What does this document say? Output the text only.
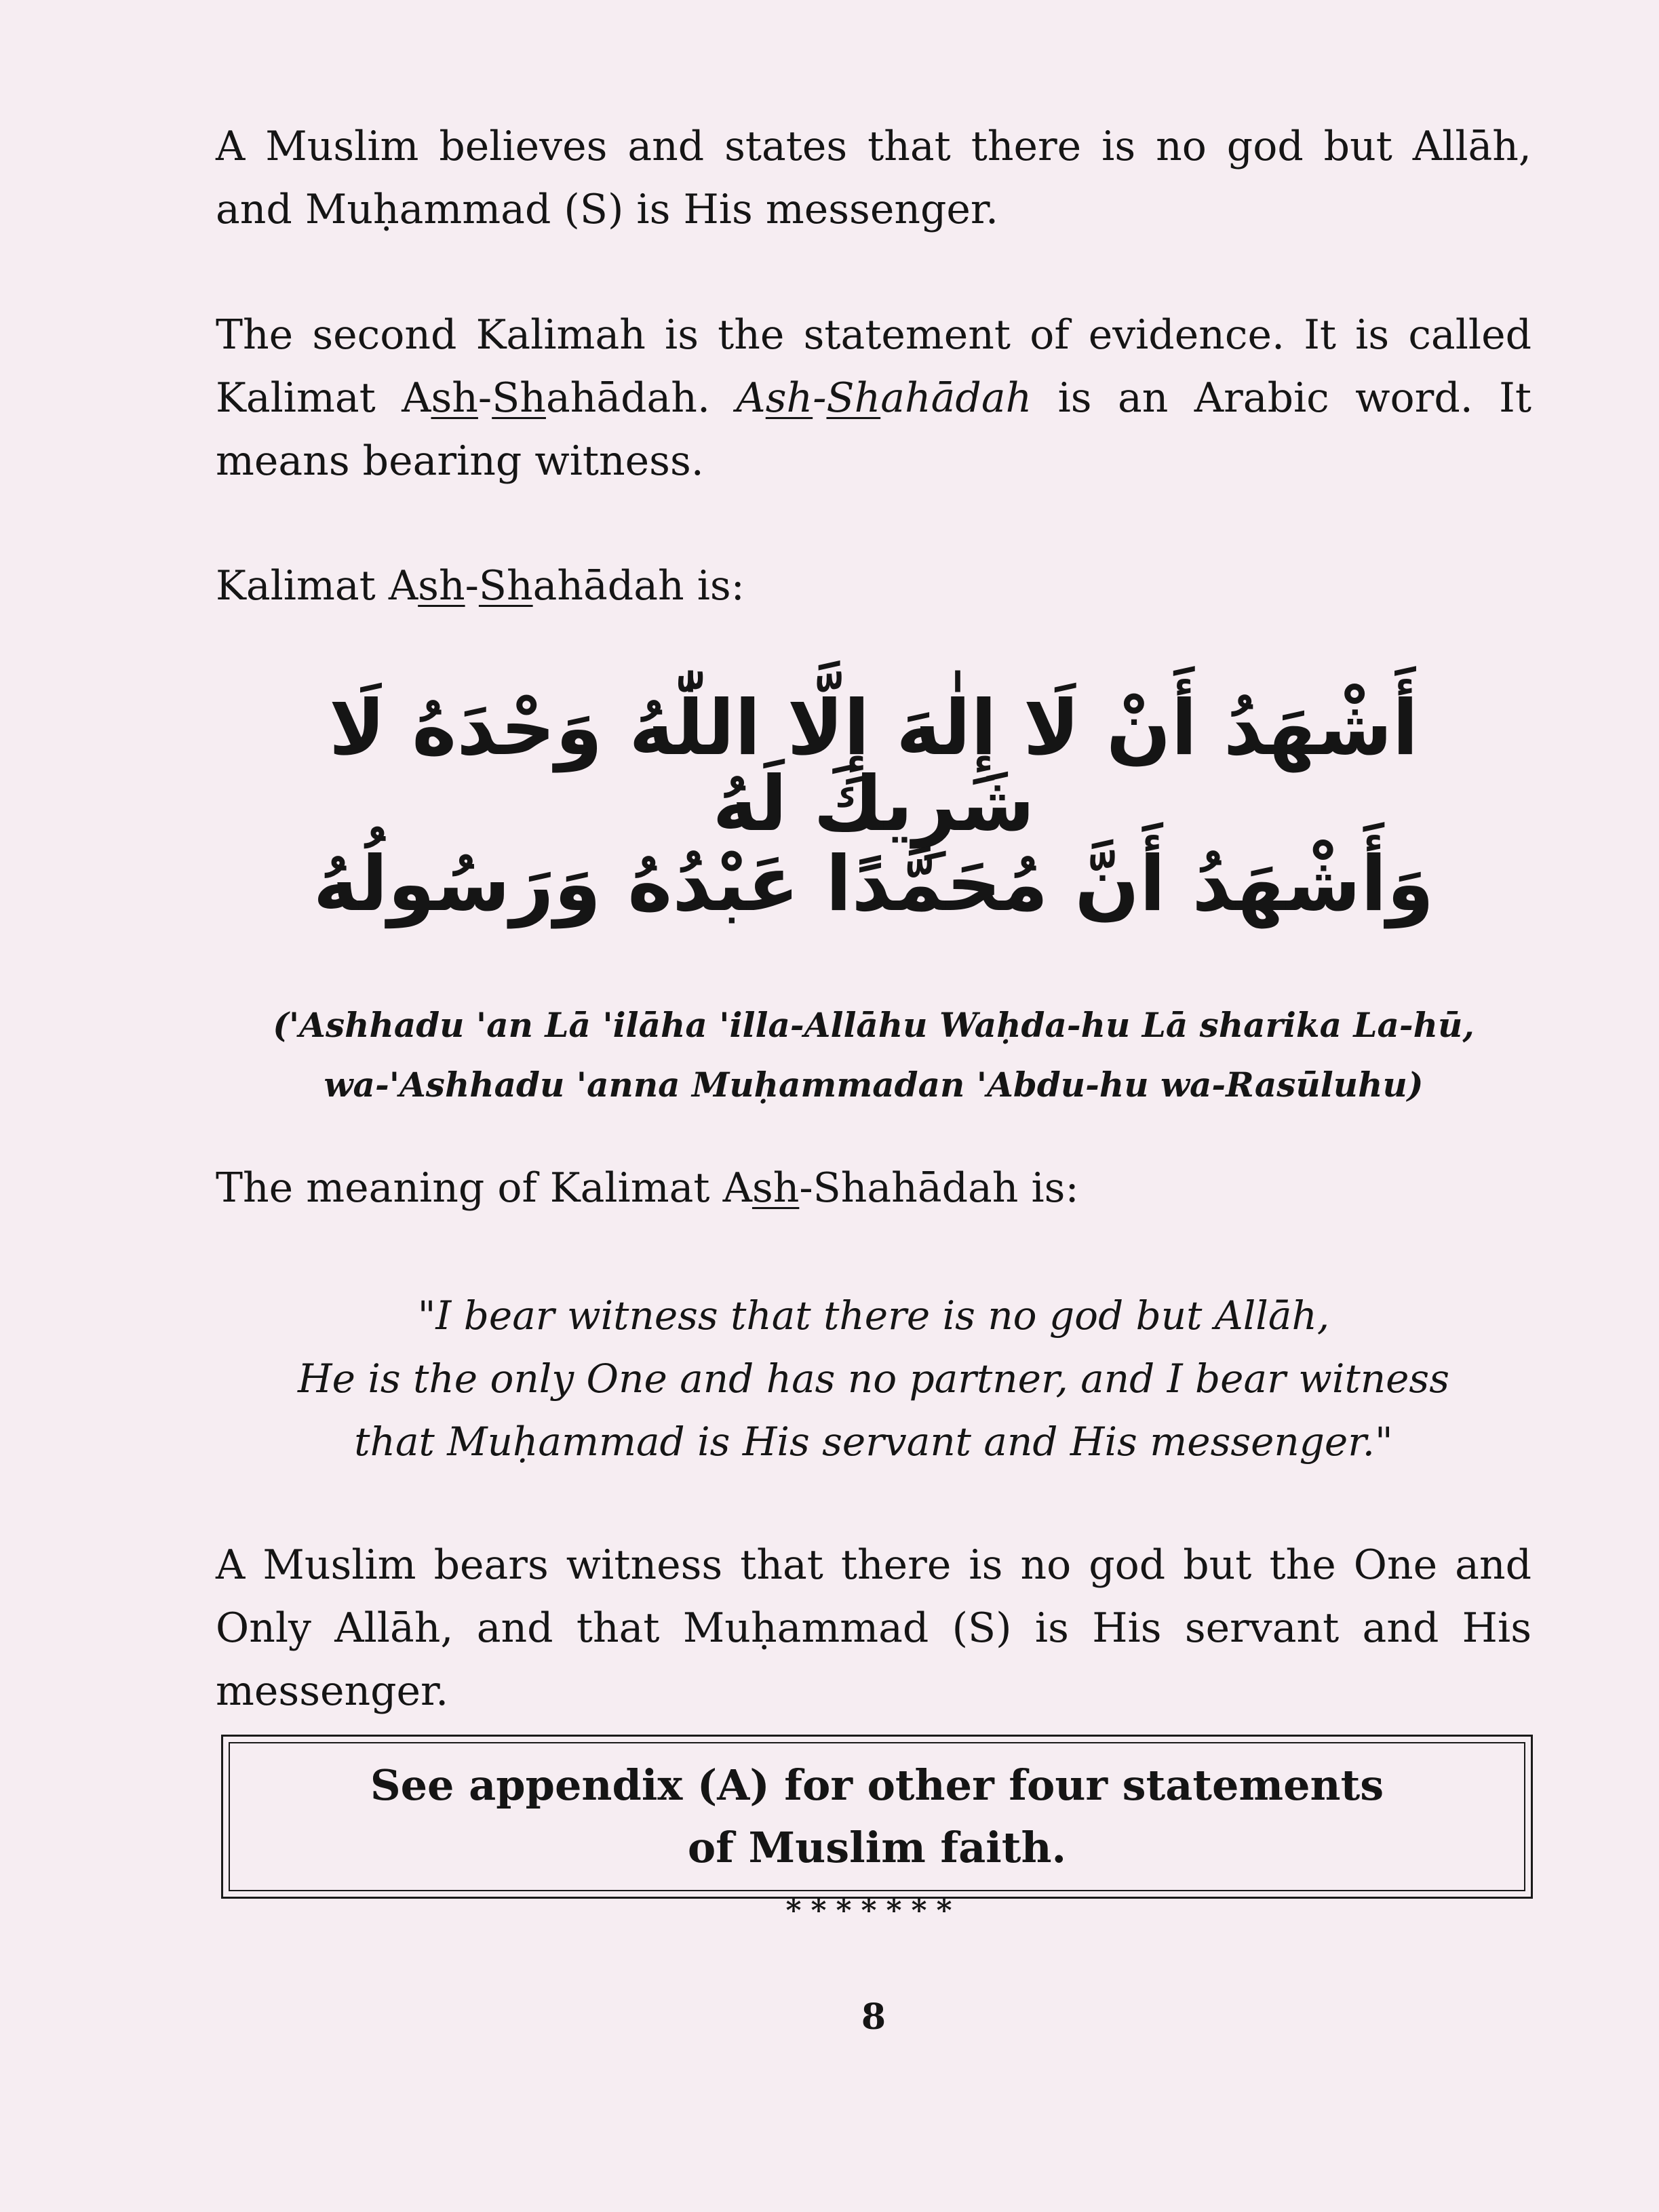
A Muslim believes and states that there is no god but Allāh, and Muḥammad (S) is His messenger.
The second Kalimah is the statement of evidence. It is called Kalimat Ash-Shahādah. Ash-Shahādah is an Arabic word. It means bearing witness.
Kalimat Ash-Shahādah is:
أَشْهَدُ أَنْ لَا إِلٰهَ إِلَّا اللّٰهُ وَحْدَهُ لَا شَرِيكَ لَهُ
وَأَشْهَدُ أَنَّ مُحَمَّدًا عَبْدُهُ وَرَسُولُهُ
('Ashhadu 'an Lā 'ilāha 'illa-Allāhu Waḥda-hu Lā sharika La-hū,
wa-'Ashhadu 'anna Muḥammadan 'Abdu-hu wa-Rasūluhu)
The meaning of Kalimat Ash-Shahādah is:
"I bear witness that there is no god but Allāh,
He is the only One and has no partner, and I bear witness
that Muḥammad is His servant and His messenger."
A Muslim bears witness that there is no god but the One and Only Allāh, and that Muḥammad (S) is His servant and His messenger.
See appendix (A) for other four statements of Muslim faith.
*******
8
